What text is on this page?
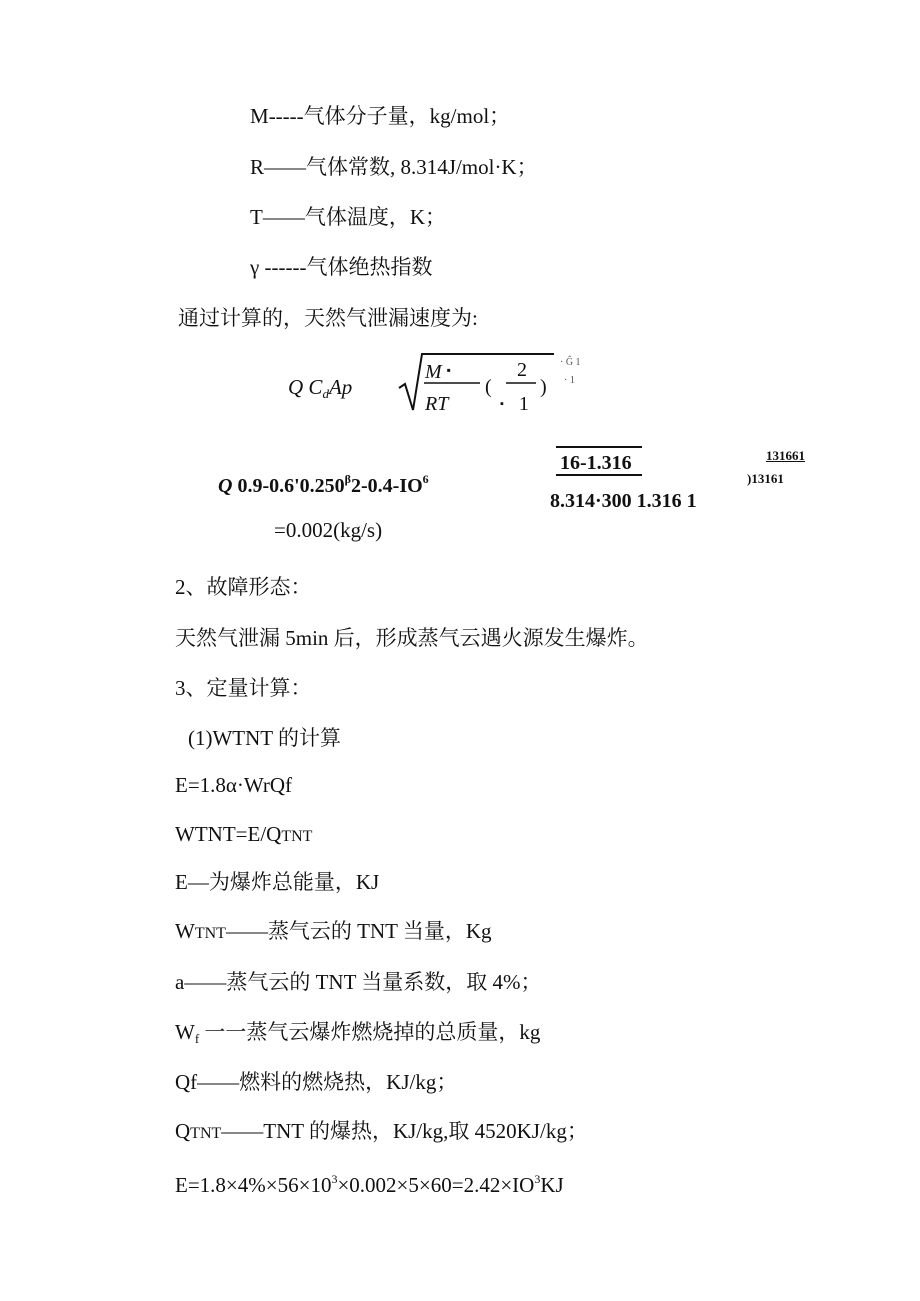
M-----气体分子量，kg/mol；
R——气体常数, 8.314J/mol·K；
T——气体温度，K；
γ ------气体绝热指数
通过计算的，天然气泄漏速度为:
Q $C_dAp$
M ▪
RT
( )
2
▪ 1
· Ĝ 1
· 1
Q $0.9-0.6'0.250^\beta 2-0.4-IO^6$
16-1.316
8.314·300 1.316 1
)13161
131661
=0.002(kg/s)
2、故障形态：
天然气泄漏 5min 后，形成蒸气云遇火源发生爆炸。
3、定量计算：
(1)WTNT 的计算
E=1.8α·WrQf
WTNT=E/QTNT
E—为爆炸总能量，KJ
WTNT——蒸气云的 TNT 当量，Kg
a——蒸气云的 TNT 当量系数，取 4%；
$W_f$ 一一蒸气云爆炸燃烧掉的总质量，kg
Qf——燃料的燃烧热，KJ/kg；
QTNT——TNT 的爆热，KJ/kg,取 4520KJ/kg；
$E=1.8\times 4\%\times 56\times 10^3\times 0.002\times 5\times 60=2.42\times IO^3KJ$
